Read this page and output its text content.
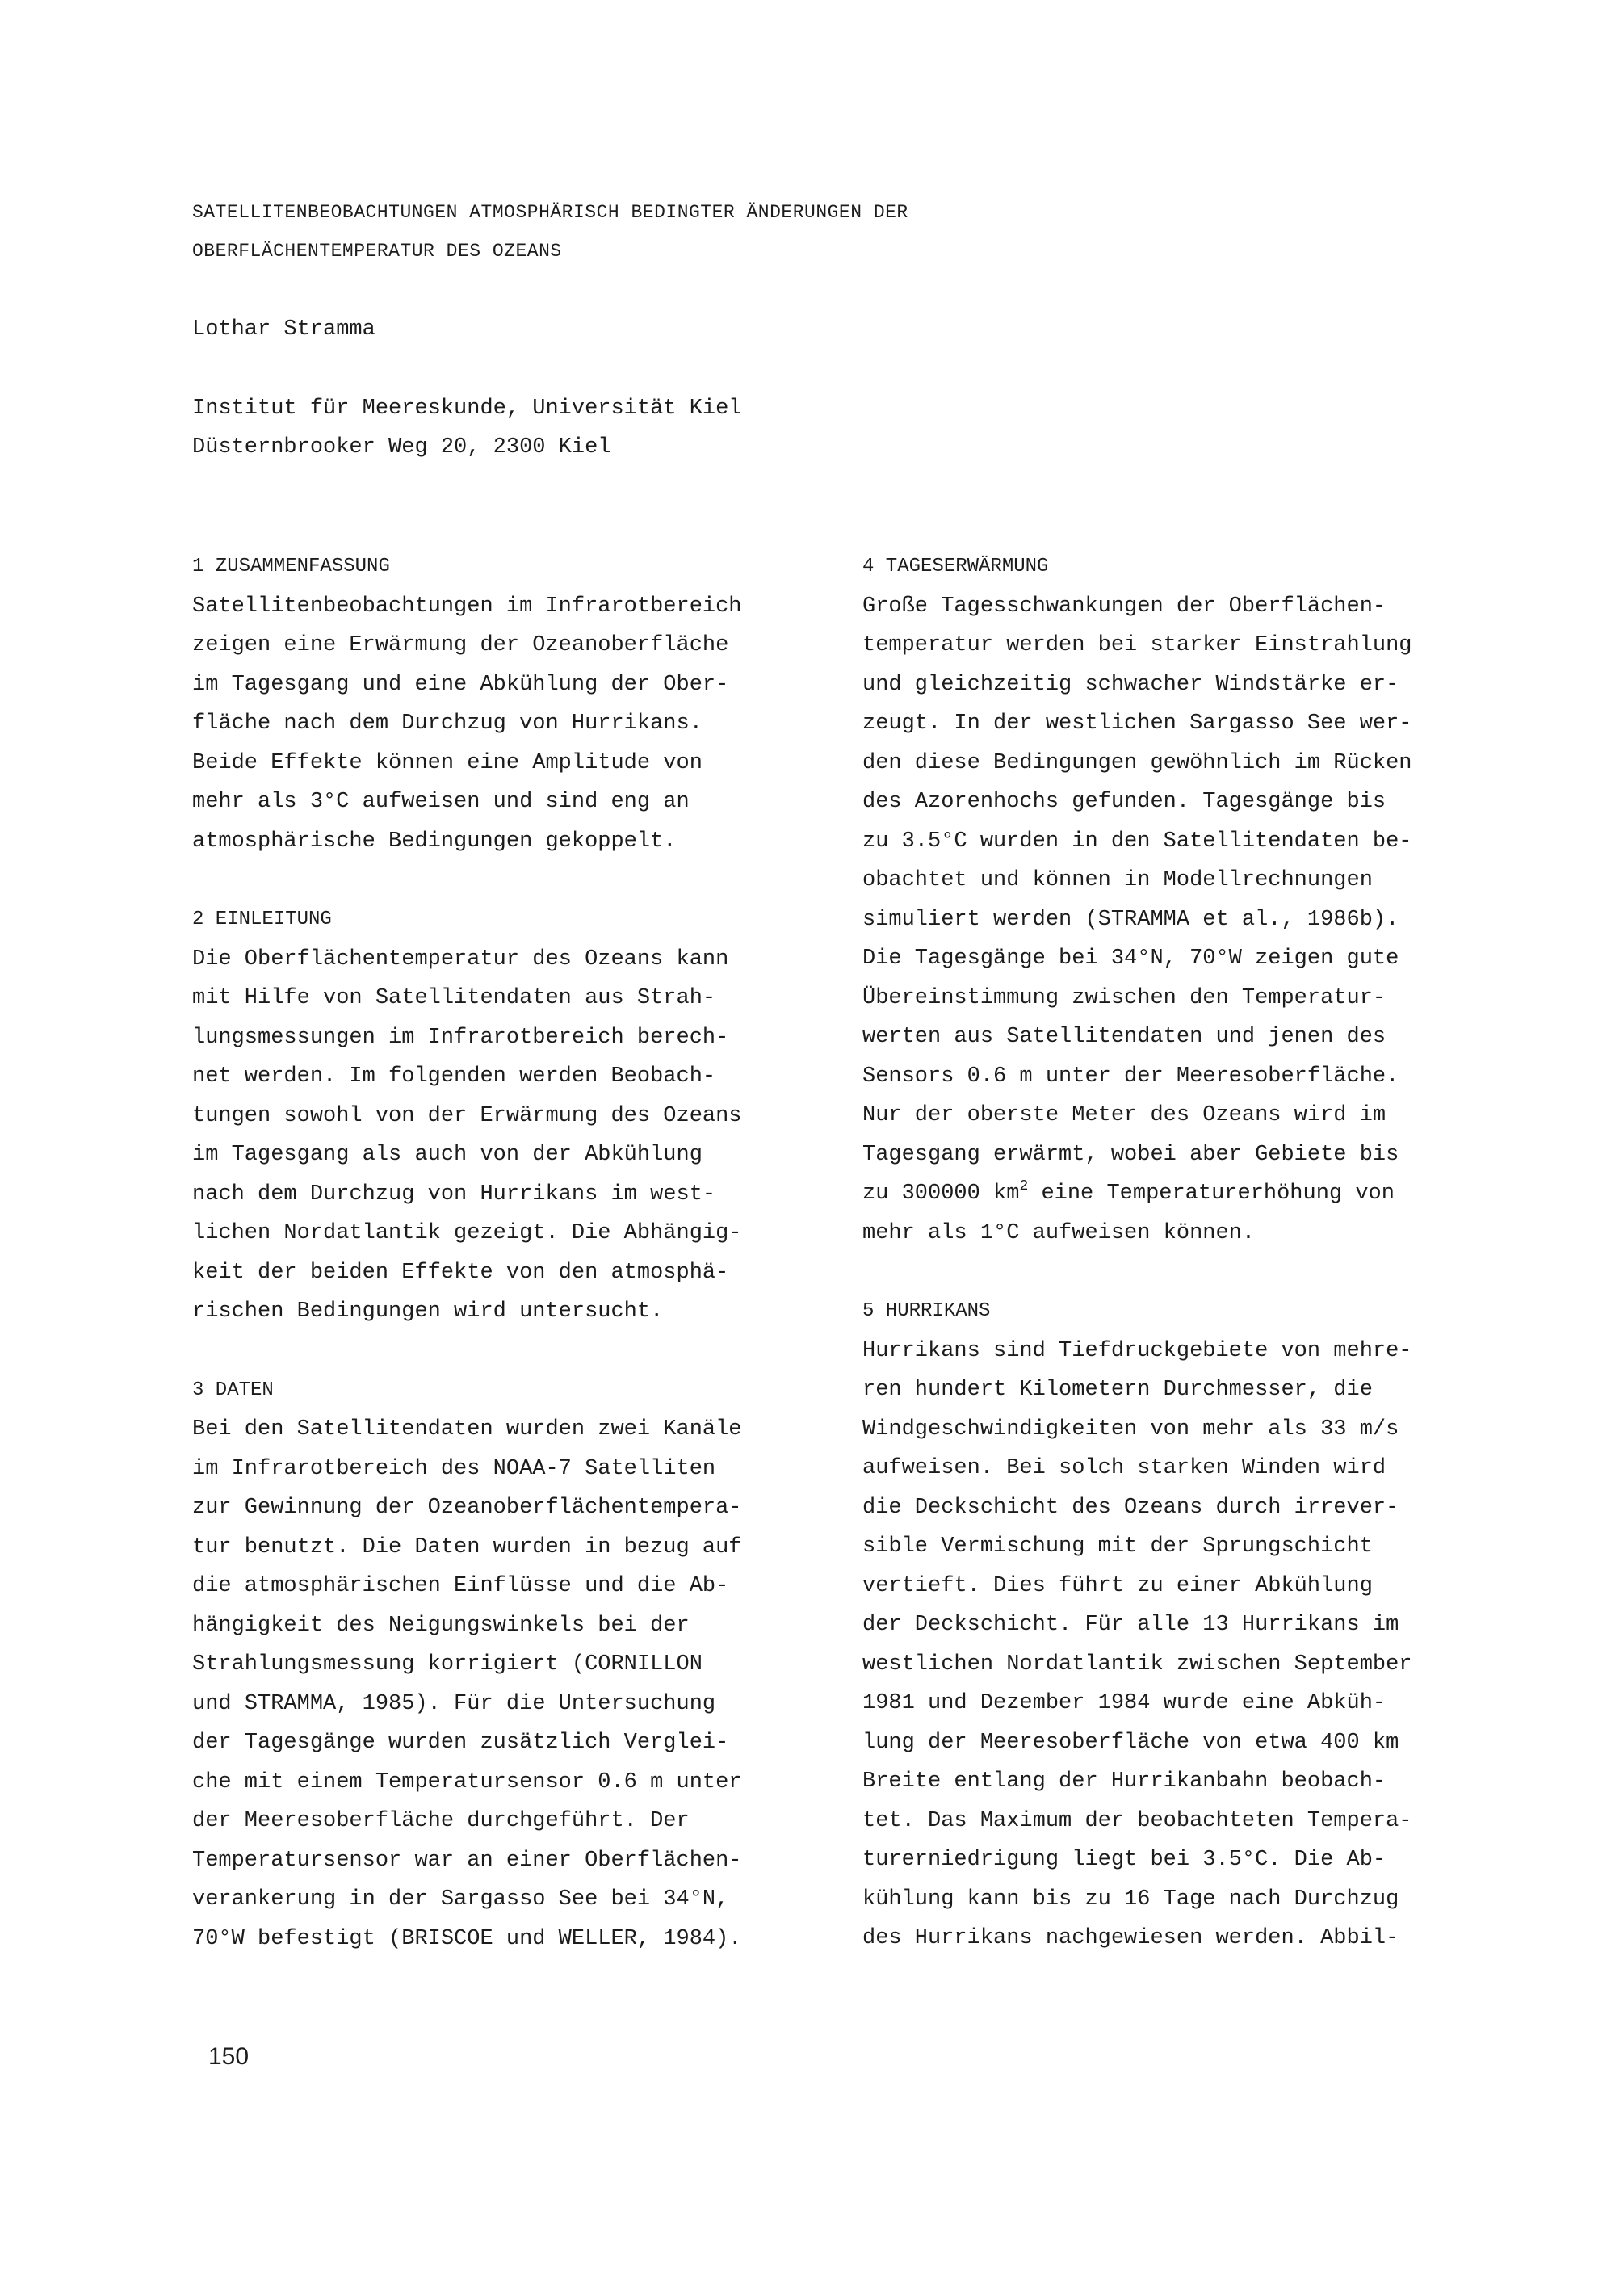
SATELLITENBEOBACHTUNGEN ATMOSPHÄRISCH BEDINGTER ÄNDERUNGEN DER
OBERFLÄCHENTEMPERATUR DES OZEANS
Lothar Stramma
Institut für Meereskunde, Universität Kiel
Düsternbrooker Weg 20, 2300 Kiel

1 ZUSAMMENFASSUNG

Satellitenbeobachtungen im Infrarotbereich

zeigen eine Erwärmung der Ozeanoberfläche

im Tagesgang und eine Abkühlung der Ober-

fläche nach dem Durchzug von Hurrikans.

Beide Effekte können eine Amplitude von

mehr als 3°C aufweisen und sind eng an

atmosphärische Bedingungen gekoppelt.

2 EINLEITUNG

Die Oberflächentemperatur des Ozeans kann

mit Hilfe von Satellitendaten aus Strah-

lungsmessungen im Infrarotbereich berech-

net werden. Im folgenden werden Beobach-

tungen sowohl von der Erwärmung des Ozeans

im Tagesgang als auch von der Abkühlung

nach dem Durchzug von Hurrikans im west-

lichen Nordatlantik gezeigt. Die Abhängig-

keit der beiden Effekte von den atmosphä-

rischen Bedingungen wird untersucht.

3 DATEN

Bei den Satellitendaten wurden zwei Kanäle

im Infrarotbereich des NOAA-7 Satelliten

zur Gewinnung der Ozeanoberflächentempera-

tur benutzt. Die Daten wurden in bezug auf

die atmosphärischen Einflüsse und die Ab-

hängigkeit des Neigungswinkels bei der

Strahlungsmessung korrigiert (CORNILLON

und STRAMMA, 1985). Für die Untersuchung

der Tagesgänge wurden zusätzlich Verglei-

che mit einem Temperatursensor 0.6 m unter

der Meeresoberfläche durchgeführt. Der

Temperatursensor war an einer Oberflächen-

verankerung in der Sargasso See bei 34°N,

70°W befestigt (BRISCOE und WELLER, 1984).

4 TAGESERWÄRMUNG

Große Tagesschwankungen der Oberflächen-

temperatur werden bei starker Einstrahlung

und gleichzeitig schwacher Windstärke er-

zeugt. In der westlichen Sargasso See wer-

den diese Bedingungen gewöhnlich im Rücken

des Azorenhochs gefunden. Tagesgänge bis

zu 3.5°C wurden in den Satellitendaten be-

obachtet und können in Modellrechnungen

simuliert werden (STRAMMA et al., 1986b).

Die Tagesgänge bei 34°N, 70°W zeigen gute

Übereinstimmung zwischen den Temperatur-

werten aus Satellitendaten und jenen des

Sensors 0.6 m unter der Meeresoberfläche.

Nur der oberste Meter des Ozeans wird im

Tagesgang erwärmt, wobei aber Gebiete bis

zu 300000 $km^2$ eine Temperaturerhöhung von

mehr als 1°C aufweisen können.

5 HURRIKANS

Hurrikans sind Tiefdruckgebiete von mehre-

ren hundert Kilometern Durchmesser, die

Windgeschwindigkeiten von mehr als 33 m/s

aufweisen. Bei solch starken Winden wird

die Deckschicht des Ozeans durch irrever-

sible Vermischung mit der Sprungschicht

vertieft. Dies führt zu einer Abkühlung

der Deckschicht. Für alle 13 Hurrikans im

westlichen Nordatlantik zwischen September

1981 und Dezember 1984 wurde eine Abküh-

lung der Meeresoberfläche von etwa 400 km

Breite entlang der Hurrikanbahn beobach-

tet. Das Maximum der beobachteten Tempera-

turerniedrigung liegt bei 3.5°C. Die Ab-

kühlung kann bis zu 16 Tage nach Durchzug

des Hurrikans nachgewiesen werden. Abbil-

150
